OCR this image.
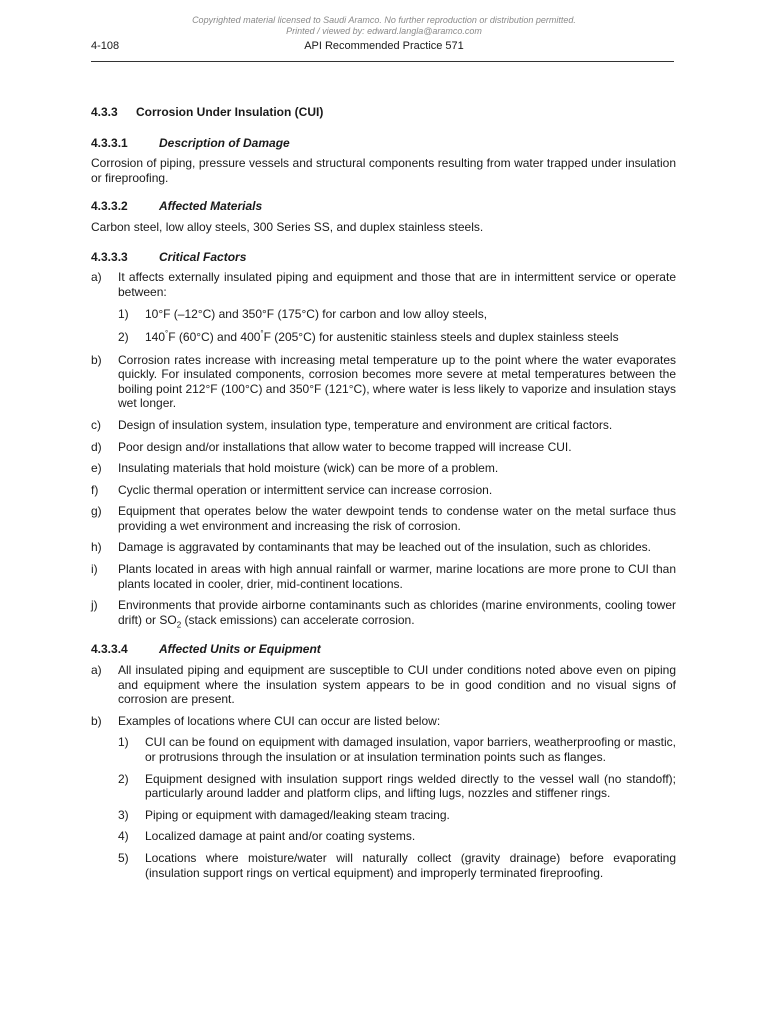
Copyrighted material licensed to Saudi Aramco. No further reproduction or distribution permitted.
Printed / viewed by: edward.langla@aramco.com
4-108	API Recommended Practice 571
4.3.3	Corrosion Under Insulation (CUI)
4.3.3.1	Description of Damage

Corrosion of piping, pressure vessels and structural components resulting from water trapped under insulation or fireproofing.

4.3.3.2	Affected Materials

Carbon steel, low alloy steels, 300 Series SS, and duplex stainless steels.

4.3.3.3	Critical Factors
a)	It affects externally insulated piping and equipment and those that are in intermittent service or operate between:
1)	10°F (–12°C) and 350°F (175°C) for carbon and low alloy steels,
2)	140°F (60°C) and 400°F (205°C) for austenitic stainless steels and duplex stainless steels
b)	Corrosion rates increase with increasing metal temperature up to the point where the water evaporates quickly. For insulated components, corrosion becomes more severe at metal temperatures between the boiling point 212°F (100°C) and 350°F (121°C), where water is less likely to vaporize and insulation stays wet longer.
c)	Design of insulation system, insulation type, temperature and environment are critical factors.
d)	Poor design and/or installations that allow water to become trapped will increase CUI.
e)	Insulating materials that hold moisture (wick) can be more of a problem.
f)	Cyclic thermal operation or intermittent service can increase corrosion.
g)	Equipment that operates below the water dewpoint tends to condense water on the metal surface thus providing a wet environment and increasing the risk of corrosion.
h)	Damage is aggravated by contaminants that may be leached out of the insulation, such as chlorides.
i)	Plants located in areas with high annual rainfall or warmer, marine locations are more prone to CUI than plants located in cooler, drier, mid-continent locations.
j)	Environments that provide airborne contaminants such as chlorides (marine environments, cooling tower drift) or $SO_2$ (stack emissions) can accelerate corrosion.
4.3.3.4	Affected Units or Equipment
a)	All insulated piping and equipment are susceptible to CUI under conditions noted above even on piping and equipment where the insulation system appears to be in good condition and no visual signs of corrosion are present.
b)	Examples of locations where CUI can occur are listed below:
1)	CUI can be found on equipment with damaged insulation, vapor barriers, weatherproofing or mastic, or protrusions through the insulation or at insulation termination points such as flanges.
2)	Equipment designed with insulation support rings welded directly to the vessel wall (no standoff); particularly around ladder and platform clips, and lifting lugs, nozzles and stiffener rings.
3)	Piping or equipment with damaged/leaking steam tracing.
4)	Localized damage at paint and/or coating systems.
5)	Locations where moisture/water will naturally collect (gravity drainage) before evaporating (insulation support rings on vertical equipment) and improperly terminated fireproofing.
